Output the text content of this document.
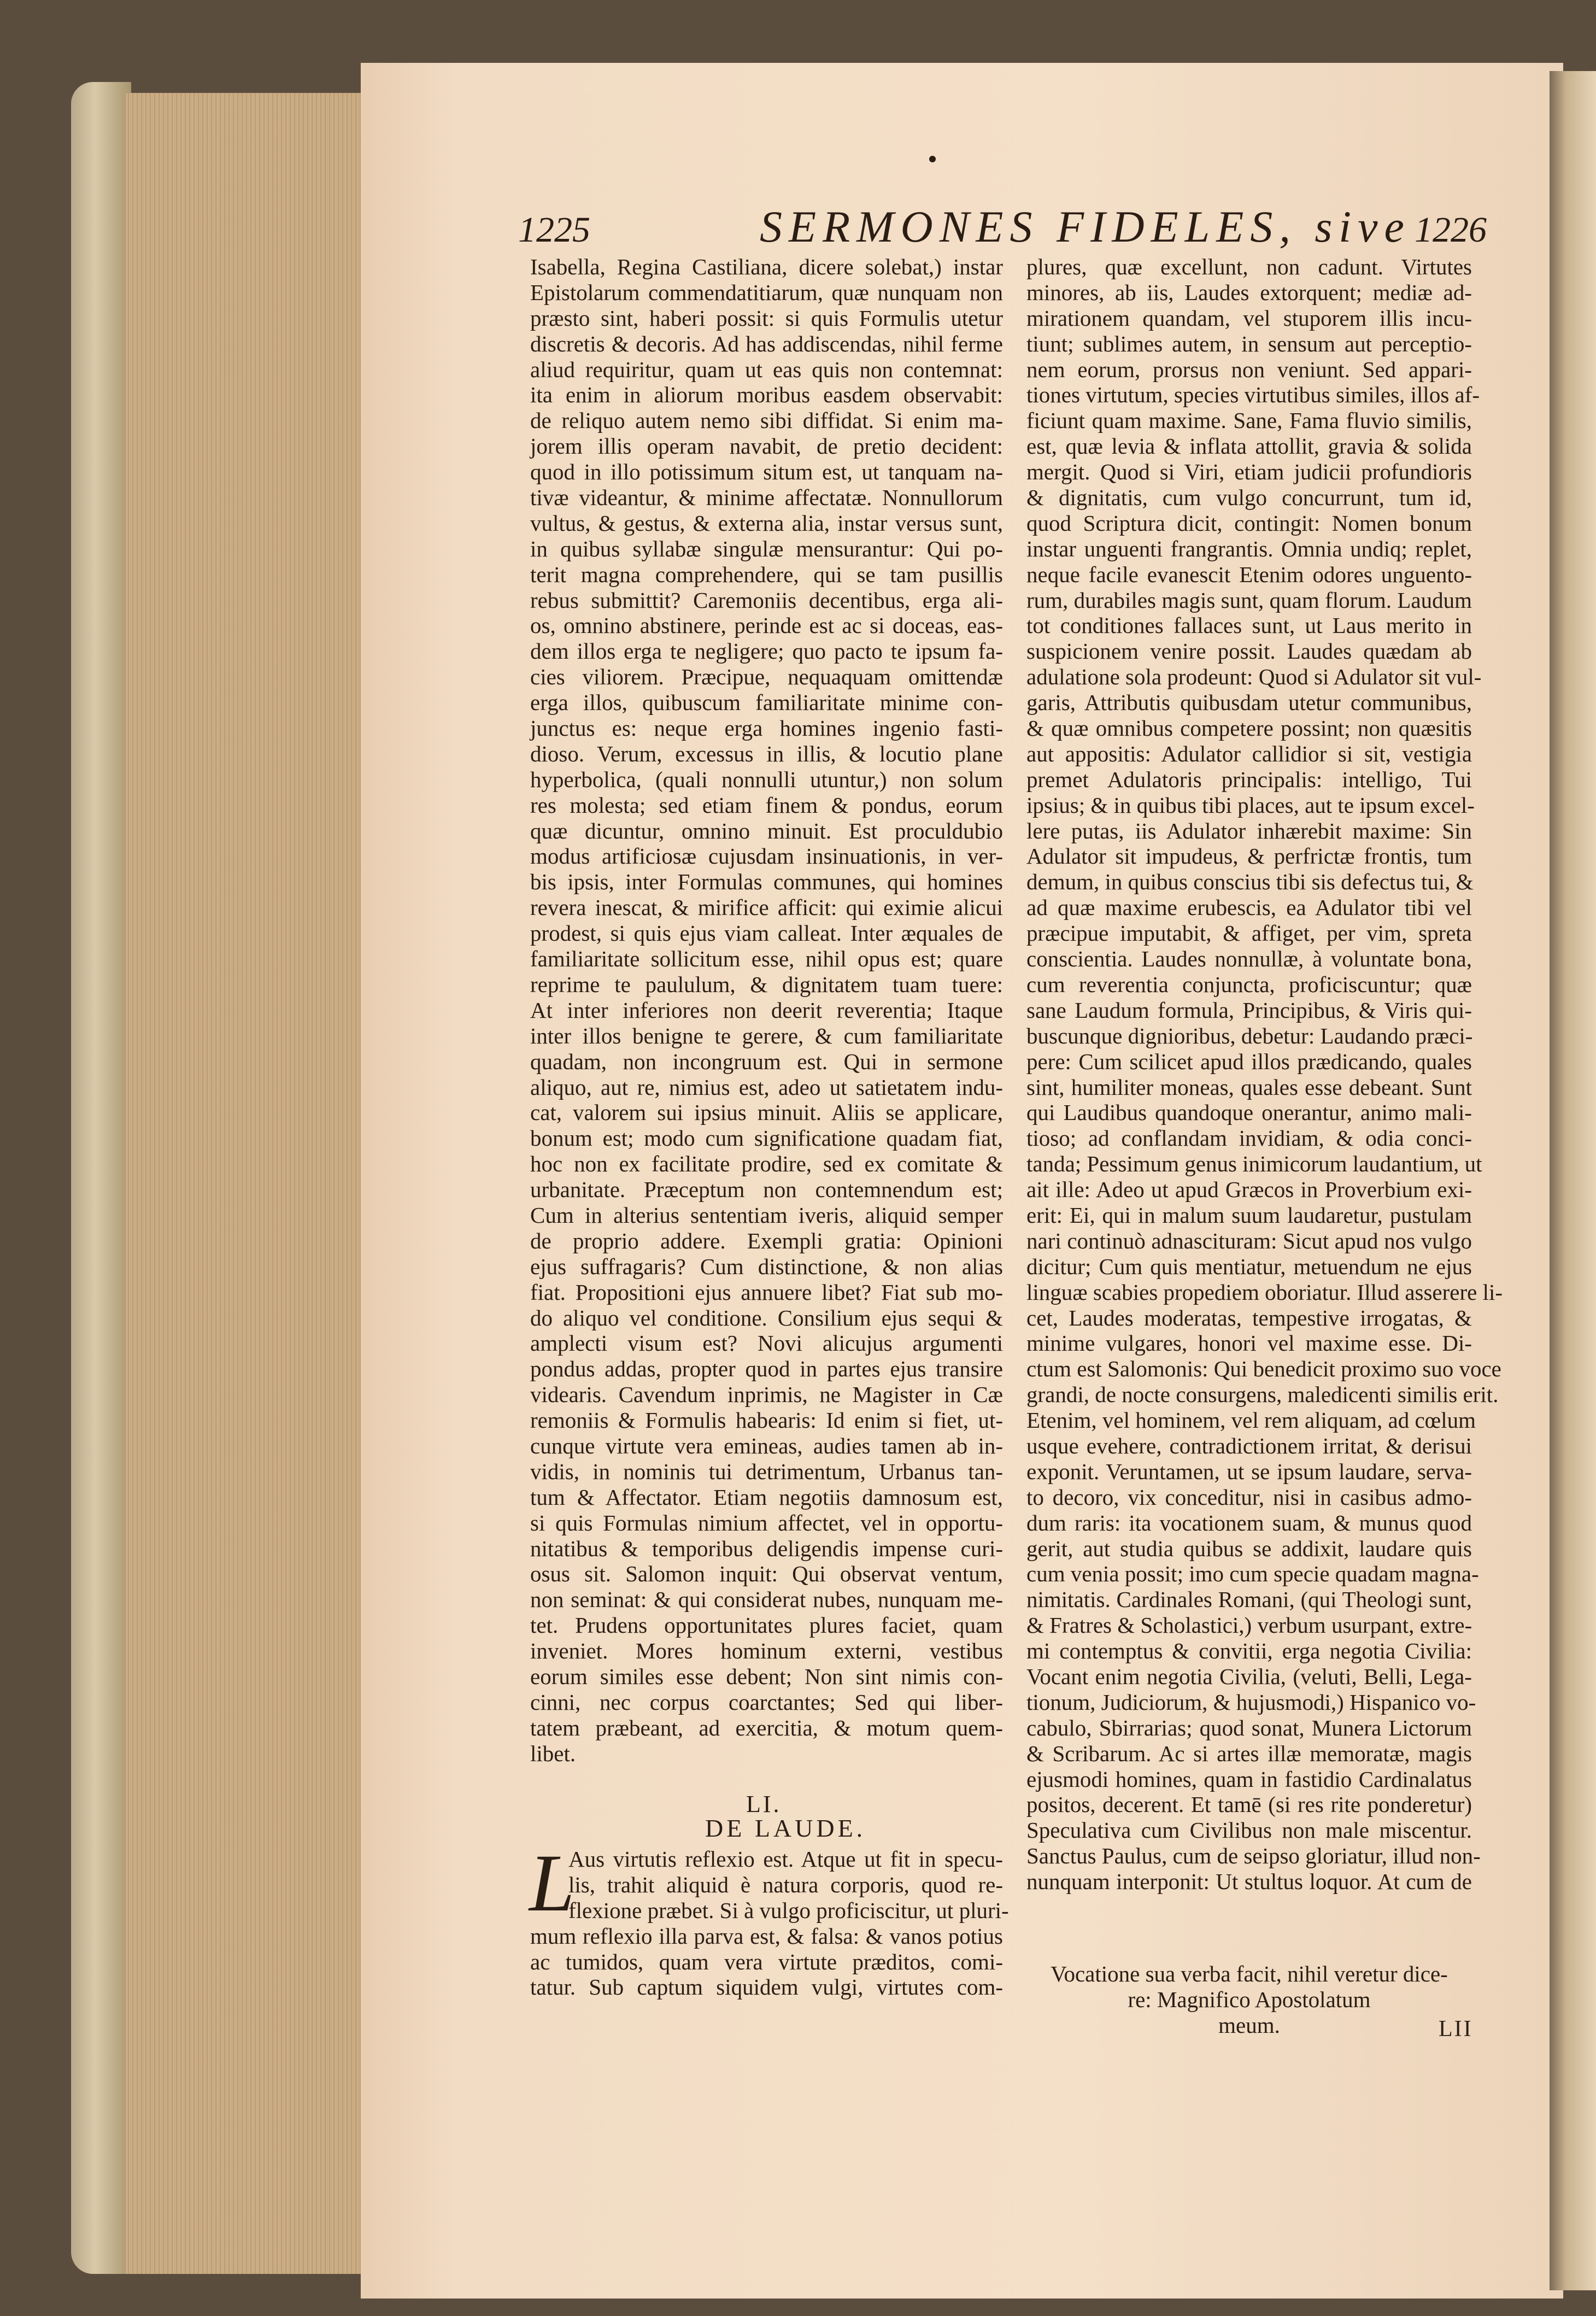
1225	SERMONES FIDELES, sive 1226
Isabella, Regina Castiliana, dicere solebat,) instar
Epistolarum commendatitiarum, quæ nunquam non
præsto sint, haberi possit: si quis Formulis utetur
discretis & decoris. Ad has addiscendas, nihil ferme
aliud requiritur, quam ut eas quis non contemnat:
ita enim in aliorum moribus easdem observabit:
de reliquo autem nemo sibi diffidat. Si enim ma-
jorem illis operam navabit, de pretio decident:
quod in illo potissimum situm est, ut tanquam na-
tivæ videantur, & minime affectatæ. Nonnullorum
vultus, & gestus, & externa alia, instar versus sunt,
in quibus syllabæ singulæ mensurantur: Qui po-
terit magna comprehendere, qui se tam pusillis
rebus submittit? Caremoniis decentibus, erga ali-
os, omnino abstinere, perinde est ac si doceas, eas-
dem illos erga te negligere; quo pacto te ipsum fa-
cies viliorem. Præcipue, nequaquam omittendæ
erga illos, quibuscum familiaritate minime con-
junctus es: neque erga homines ingenio fasti-
dioso. Verum, excessus in illis, & locutio plane
hyperbolica, (quali nonnulli utuntur,) non solum
res molesta; sed etiam finem & pondus, eorum
quæ dicuntur, omnino minuit. Est proculdubio
modus artificiosæ cujusdam insinuationis, in ver-
bis ipsis, inter Formulas communes, qui homines
revera inescat, & mirifice afficit: qui eximie alicui
prodest, si quis ejus viam calleat. Inter æquales de
familiaritate sollicitum esse, nihil opus est; quare
reprime te paululum, & dignitatem tuam tuere:
At inter inferiores non deerit reverentia; Itaque
inter illos benigne te gerere, & cum familiaritate
quadam, non incongruum est. Qui in sermone
aliquo, aut re, nimius est, adeo ut satietatem indu-
cat, valorem sui ipsius minuit. Aliis se applicare,
bonum est; modo cum significatione quadam fiat,
hoc non ex facilitate prodire, sed ex comitate &
urbanitate. Præceptum non contemnendum est;
Cum in alterius sententiam iveris, aliquid semper
de proprio addere. Exempli gratia: Opinioni
ejus suffragaris? Cum distinctione, & non alias
fiat. Propositioni ejus annuere libet? Fiat sub mo-
do aliquo vel conditione. Consilium ejus sequi &
amplecti visum est? Novi alicujus argumenti
pondus addas, propter quod in partes ejus transire
videaris. Cavendum inprimis, ne Magister in Cæ
remoniis & Formulis habearis: Id enim si fiet, ut-
cunque virtute vera emineas, audies tamen ab in-
vidis, in nominis tui detrimentum, Urbanus tan-
tum & Affectator. Etiam negotiis damnosum est,
si quis Formulas nimium affectet, vel in opportu-
nitatibus & temporibus deligendis impense curi-
osus sit. Salomon inquit: Qui observat ventum,
non seminat: & qui considerat nubes, nunquam me-
tet. Prudens opportunitates plures faciet, quam
inveniet. Mores hominum externi, vestibus
eorum similes esse debent; Non sint nimis con-
cinni, nec corpus coarctantes; Sed qui liber-
tatem præbeant, ad exercitia, & motum quem-
libet.
plures, quæ excellunt, non cadunt. Virtutes
minores, ab iis, Laudes extorquent; mediæ ad-
mirationem quandam, vel stuporem illis incu-
tiunt; sublimes autem, in sensum aut perceptio-
nem eorum, prorsus non veniunt. Sed appari-
tiones virtutum, species virtutibus similes, illos af-
ficiunt quam maxime. Sane, Fama fluvio similis,
est, quæ levia & inflata attollit, gravia & solida
mergit. Quod si Viri, etiam judicii profundioris
& dignitatis, cum vulgo concurrunt, tum id,
quod Scriptura dicit, contingit: Nomen bonum
instar unguenti frangrantis. Omnia undiq; replet,
neque facile evanescit Etenim odores unguento-
rum, durabiles magis sunt, quam florum. Laudum
tot conditiones fallaces sunt, ut Laus merito in
suspicionem venire possit. Laudes quædam ab
adulatione sola prodeunt: Quod si Adulator sit vul-
garis, Attributis quibusdam utetur communibus,
& quæ omnibus competere possint; non quæsitis
aut appositis: Adulator callidior si sit, vestigia
premet Adulatoris principalis: intelligo, Tui
ipsius; & in quibus tibi places, aut te ipsum excel-
lere putas, iis Adulator inhærebit maxime: Sin
Adulator sit impudeus, & perfrictæ frontis, tum
demum, in quibus conscius tibi sis defectus tui, &
ad quæ maxime erubescis, ea Adulator tibi vel
præcipue imputabit, & affiget, per vim, spreta
conscientia. Laudes nonnullæ, à voluntate bona,
cum reverentia conjuncta, proficiscuntur; quæ
sane Laudum formula, Principibus, & Viris qui-
buscunque dignioribus, debetur: Laudando præci-
pere: Cum scilicet apud illos prædicando, quales
sint, humiliter moneas, quales esse debeant. Sunt
qui Laudibus quandoque onerantur, animo mali-
tioso; ad conflandam invidiam, & odia conci-
tanda; Pessimum genus inimicorum laudantium, ut
ait ille: Adeo ut apud Græcos in Proverbium exi-
erit: Ei, qui in malum suum laudaretur, pustulam
nari continuò adnascituram: Sicut apud nos vulgo
dicitur; Cum quis mentiatur, metuendum ne ejus
linguæ scabies propediem oboriatur. Illud asserere li-
cet, Laudes moderatas, tempestive irrogatas, &
minime vulgares, honori vel maxime esse. Di-
ctum est Salomonis: Qui benedicit proximo suo voce
grandi, de nocte consurgens, maledicenti similis erit.
Etenim, vel hominem, vel rem aliquam, ad cœlum
usque evehere, contradictionem irritat, & derisui
exponit. Veruntamen, ut se ipsum laudare, serva-
to decoro, vix conceditur, nisi in casibus admo-
dum raris: ita vocationem suam, & munus quod
gerit, aut studia quibus se addixit, laudare quis
cum venia possit; imo cum specie quadam magna-
nimitatis. Cardinales Romani, (qui Theologi sunt,
& Fratres & Scholastici,) verbum usurpant, extre-
mi contemptus & convitii, erga negotia Civilia:
Vocant enim negotia Civilia, (veluti, Belli, Lega-
tionum, Judiciorum, & hujusmodi,) Hispanico vo-
cabulo, Sbirrarias; quod sonat, Munera Lictorum
& Scribarum. Ac si artes illæ memoratæ, magis
ejusmodi homines, quam in fastidio Cardinalatus
positos, decerent. Et tamē (si res rite ponderetur)
Speculativa cum Civilibus non male miscentur.
Sanctus Paulus, cum de seipso gloriatur, illud non-
nunquam interponit: Ut stultus loquor. At cum de
LI.
DE LAUDE.
L
Aus virtutis reflexio est. Atque ut fit in specu-
lis, trahit aliquid è natura corporis, quod re-
flexione præbet. Si à vulgo proficiscitur, ut pluri-
mum reflexio illa parva est, & falsa: & vanos potius
ac tumidos, quam vera virtute præditos, comi-
tatur. Sub captum siquidem vulgi, virtutes com-
Vocatione sua verba facit, nihil veretur dice-
re: Magnifico Apostolatum
meum.	LII
